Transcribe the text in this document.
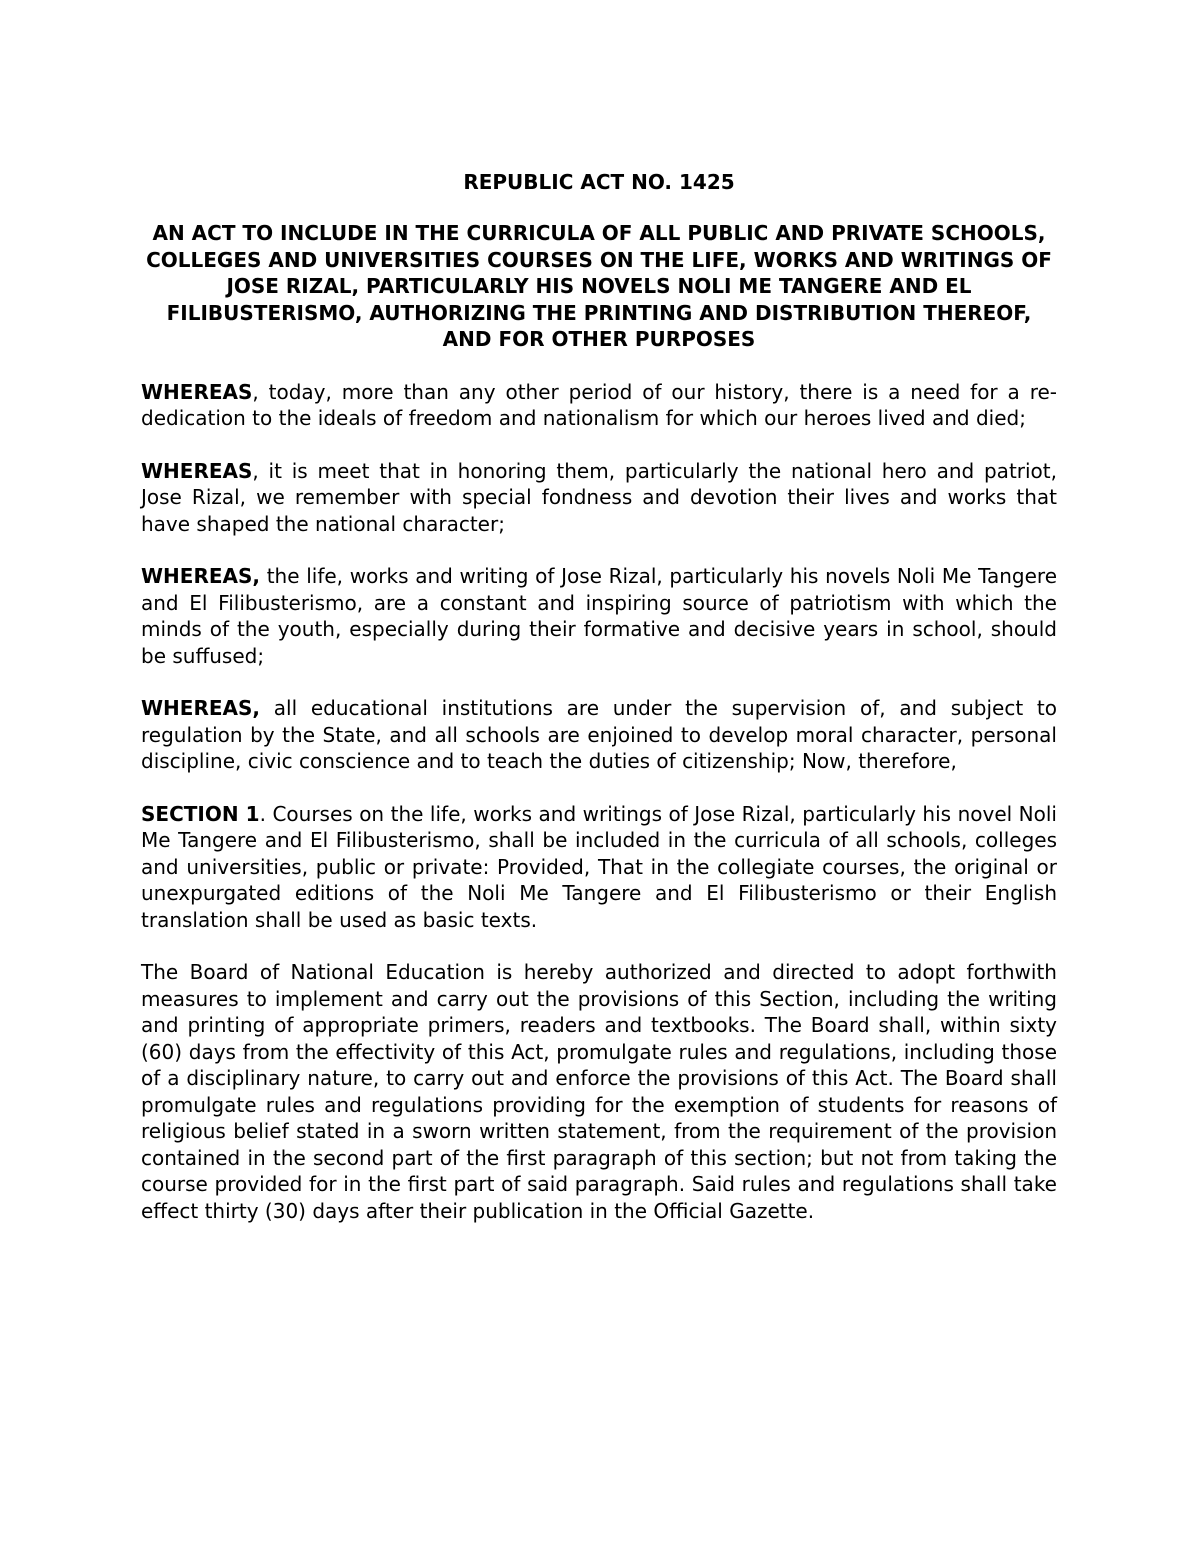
REPUBLIC ACT NO. 1425
AN ACT TO INCLUDE IN THE CURRICULA OF ALL PUBLIC AND PRIVATE SCHOOLS, COLLEGES AND UNIVERSITIES COURSES ON THE LIFE, WORKS AND WRITINGS OF JOSE RIZAL, PARTICULARLY HIS NOVELS NOLI ME TANGERE AND EL FILIBUSTERISMO, AUTHORIZING THE PRINTING AND DISTRIBUTION THEREOF, AND FOR OTHER PURPOSES

WHEREAS, today, more than any other period of our history, there is a need for a re-dedication to the ideals of freedom and nationalism for which our heroes lived and died;

WHEREAS, it is meet that in honoring them, particularly the national hero and patriot, Jose Rizal, we remember with special fondness and devotion their lives and works that have shaped the national character;

WHEREAS, the life, works and writing of Jose Rizal, particularly his novels Noli Me Tangere and El Filibusterismo, are a constant and inspiring source of patriotism with which the minds of the youth, especially during their formative and decisive years in school, should be suffused;

WHEREAS, all educational institutions are under the supervision of, and subject to regulation by the State, and all schools are enjoined to develop moral character, personal discipline, civic conscience and to teach the duties of citizenship; Now, therefore,

SECTION 1. Courses on the life, works and writings of Jose Rizal, particularly his novel Noli Me Tangere and El Filibusterismo, shall be included in the curricula of all schools, colleges and universities, public or private: Provided, That in the collegiate courses, the original or unexpurgated editions of the Noli Me Tangere and El Filibusterismo or their English translation shall be used as basic texts.

The Board of National Education is hereby authorized and directed to adopt forthwith measures to implement and carry out the provisions of this Section, including the writing and printing of appropriate primers, readers and textbooks. The Board shall, within sixty (60) days from the effectivity of this Act, promulgate rules and regulations, including those of a disciplinary nature, to carry out and enforce the provisions of this Act. The Board shall promulgate rules and regulations providing for the exemption of students for reasons of religious belief stated in a sworn written statement, from the requirement of the provision contained in the second part of the first paragraph of this section; but not from taking the course provided for in the first part of said paragraph. Said rules and regulations shall take effect thirty (30) days after their publication in the Official Gazette.
